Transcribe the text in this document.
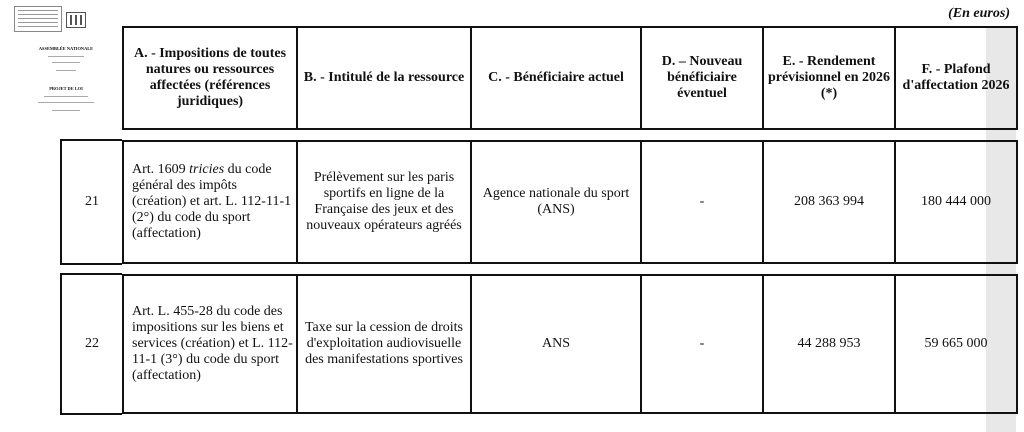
ASSEMBLÉE NATIONALE
PROJET DE LOI
(En euros)
	A. - Impositions de toutes natures ou ressources affectées (références juridiques)	B. - Intitulé de la ressource	C. - Bénéficiaire actuel	D. – Nouveau bénéficiaire éventuel	E. - Rendement prévisionnel en 2026 (*)	F. - Plafond d'affectation 2026

21	Art. 1609 tricies du code général des impôts (création) et art. L. 112-11-1 (2°) du code du sport (affectation)	Prélèvement sur les paris sportifs en ligne de la Française des jeux et des nouveaux opérateurs agréés	Agence nationale du sport (ANS)	-	208 363 994	180 444 000

22	Art. L. 455-28 du code des impositions sur les biens et services (création) et L. 112-11-1 (3°) du code du sport (affectation)	Taxe sur la cession de droits d'exploitation audiovisuelle des manifestations sportives	ANS	-	44 288 953	59 665 000
